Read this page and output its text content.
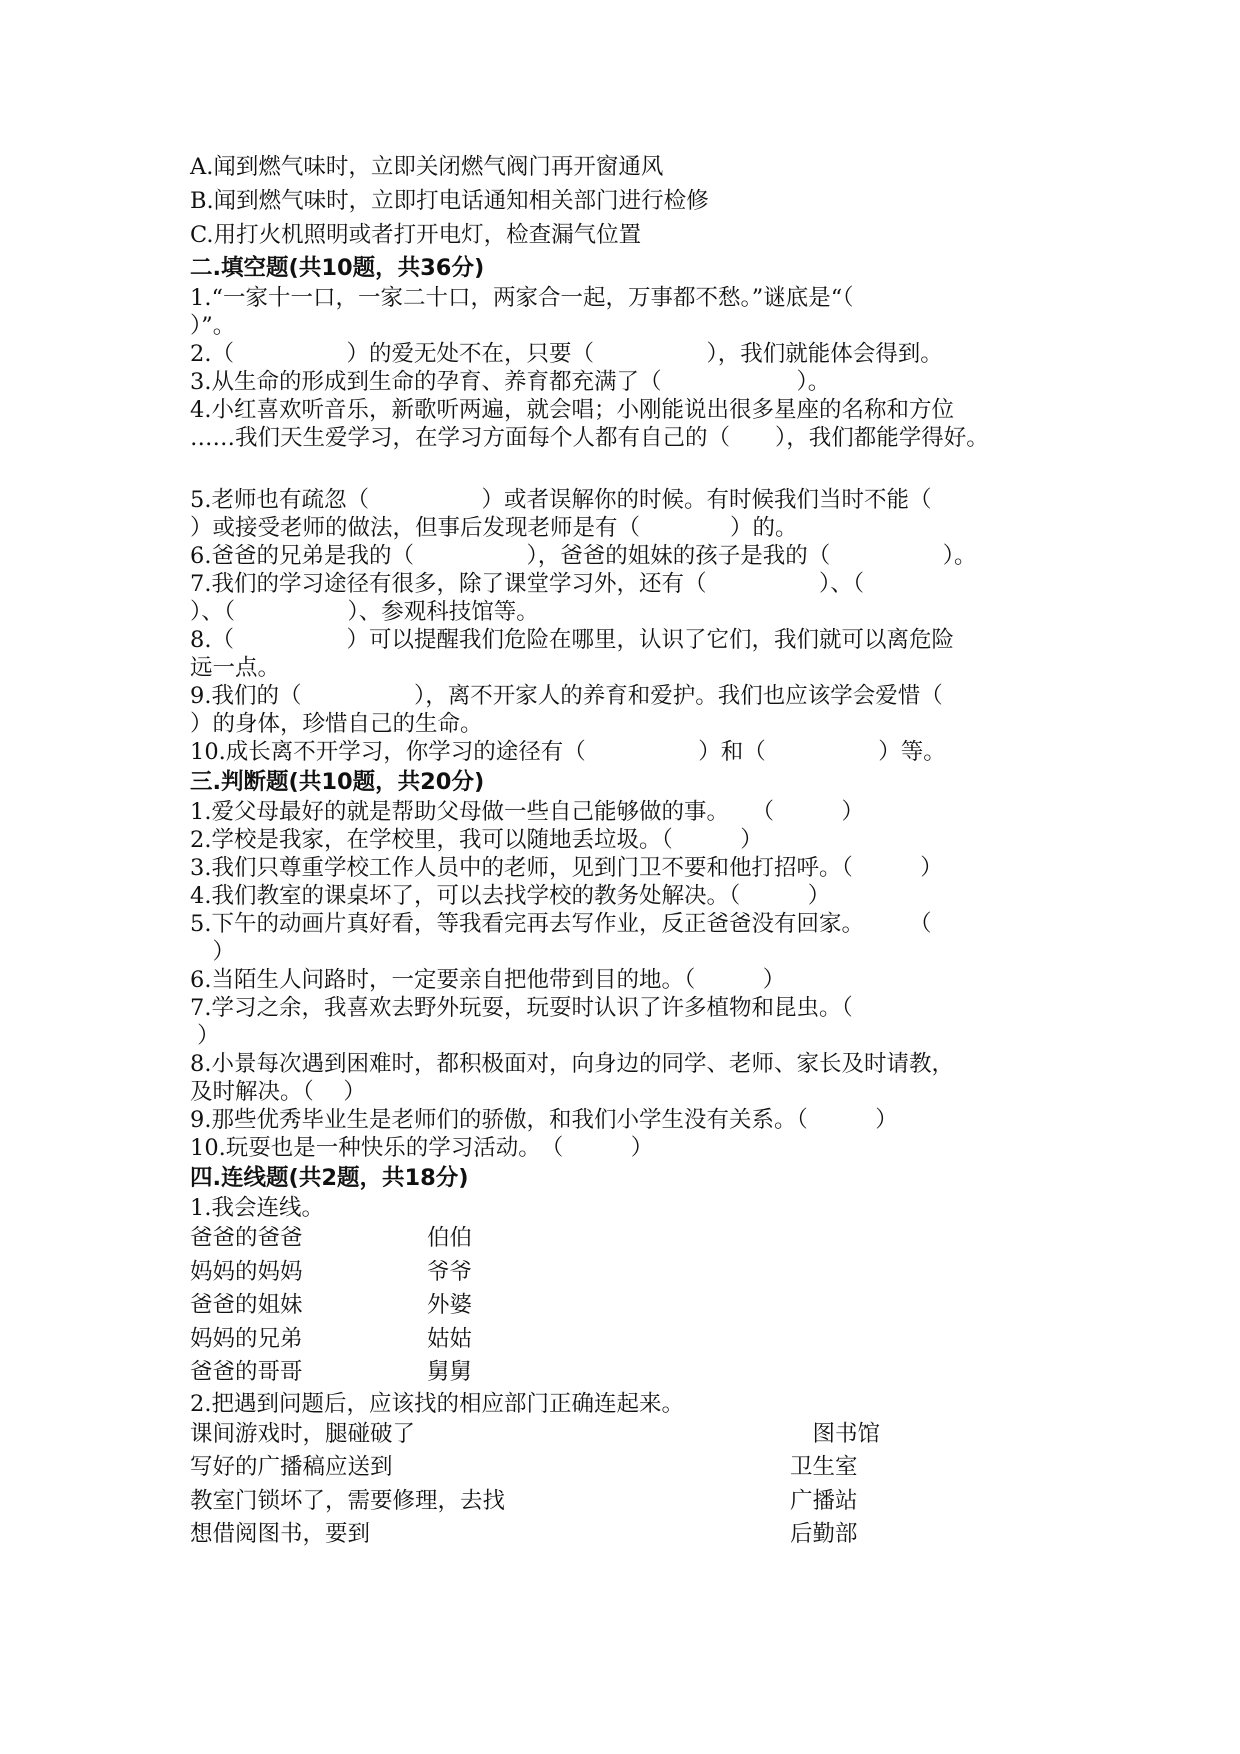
A.闻到燃气味时，立即关闭燃气阀门再开窗通风
B.闻到燃气味时，立即打电话通知相关部门进行检修
C.用打火机照明或者打开电灯，检查漏气位置
二.填空题(共10题，共36分)
1.“一家十一口，一家二十口，两家合一起，万事都不愁。”谜底是“（
）”。
2.（　　　　　）的爱无处不在，只要（　　　　　），我们就能体会得到。
3.从生命的形成到生命的孕育、养育都充满了（　　　　　　）。
4.小红喜欢听音乐，新歌听两遍，就会唱；小刚能说出很多星座的名称和方位
……我们天生爱学习，在学习方面每个人都有自己的（　　），我们都能学得好。
5.老师也有疏忽（　　　　　）或者误解你的时候。有时候我们当时不能（
）或接受老师的做法，但事后发现老师是有（　　　　）的。
6.爸爸的兄弟是我的（　　　　　），爸爸的姐妹的孩子是我的（　　　　　）。
7.我们的学习途径有很多，除了课堂学习外，还有（　　　　　）、（
）、（　　　　　）、参观科技馆等。
8.（　　　　　）可以提醒我们危险在哪里，认识了它们，我们就可以离危险
远一点。
9.我们的（　　　　　），离不开家人的养育和爱护。我们也应该学会爱惜（
）的身体，珍惜自己的生命。
10.成长离不开学习，你学习的途径有（　　　　　）和（　　　　　）等。
三.判断题(共10题，共20分)
1.爱父母最好的就是帮助父母做一些自己能够做的事。　　（　　　）
2.学校是我家，在学校里，我可以随地丢垃圾。（　　　）
3.我们只尊重学校工作人员中的老师，见到门卫不要和他打招呼。（　　　）
4.我们教室的课桌坏了，可以去找学校的教务处解决。（　　　）
5.下午的动画片真好看，等我看完再去写作业，反正爸爸没有回家。　　　（
　）
6.当陌生人问路时，一定要亲自把他带到目的地。（　　　）
7.学习之余，我喜欢去野外玩耍，玩耍时认识了许多植物和昆虫。（
）
8.小景每次遇到困难时，都积极面对，向身边的同学、老师、家长及时请教，
及时解决。（　 ）
9.那些优秀毕业生是老师们的骄傲，和我们小学生没有关系。（　　　）
10.玩耍也是一种快乐的学习活动。　（　　　）
四.连线题(共2题，共18分)
1.我会连线。
爸爸的爸爸	伯伯
妈妈的妈妈	爷爷
爸爸的姐妹	外婆
妈妈的兄弟	姑姑
爸爸的哥哥	舅舅
2.把遇到问题后，应该找的相应部门正确连起来。
课间游戏时，腿碰破了	　图书馆
写好的广播稿应送到	卫生室
教室门锁坏了，需要修理，去找	广播站
想借阅图书，要到	后勤部
